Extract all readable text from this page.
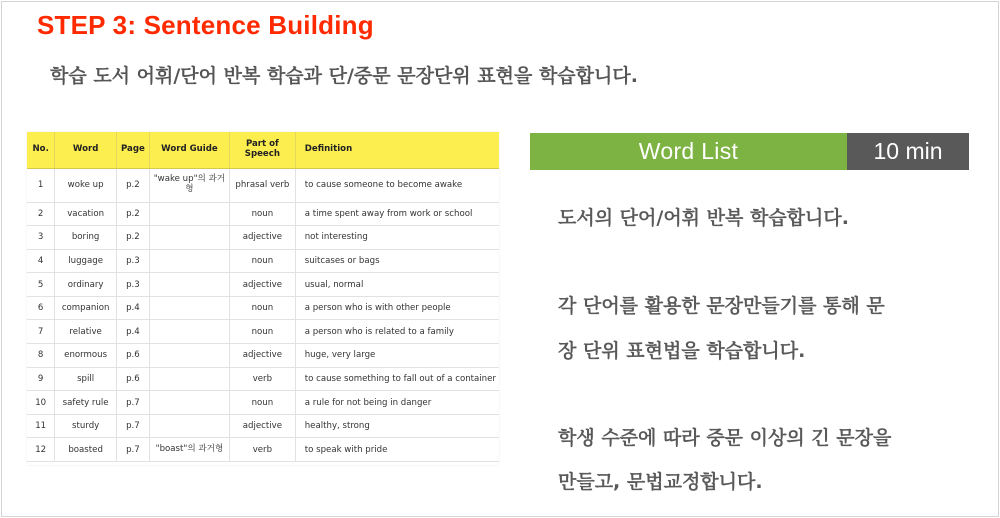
STEP 3: Sentence Building
학습 도서 어휘/단어 반복 학습과 단/중문 문장단위 표현을 학습합니다.
No.	Word	Page	Word Guide	Part of Speech	Definition
1	woke up	p.2	"wake up"의 과거형	phrasal verb	to cause someone to become awake
2	vacation	p.2		noun	a time spent away from work or school
3	boring	p.2		adjective	not interesting
4	luggage	p.3		noun	suitcases or bags
5	ordinary	p.3		adjective	usual, normal
6	companion	p.4		noun	a person who is with other people
7	relative	p.4		noun	a person who is related to a family
8	enormous	p.6		adjective	huge, very large
9	spill	p.6		verb	to cause something to fall out of a container
10	safety rule	p.7		noun	a rule for not being in danger
11	sturdy	p.7		adjective	healthy, strong
12	boasted	p.7	"boast"의 과거형	verb	to speak with pride
Word List	10 min
도서의 단어/어휘 반복 학습합니다.
각 단어를 활용한 문장만들기를 통해 문
장 단위 표현법을 학습합니다.
학생 수준에 따라 중문 이상의 긴 문장을
만들고, 문법교정합니다.
